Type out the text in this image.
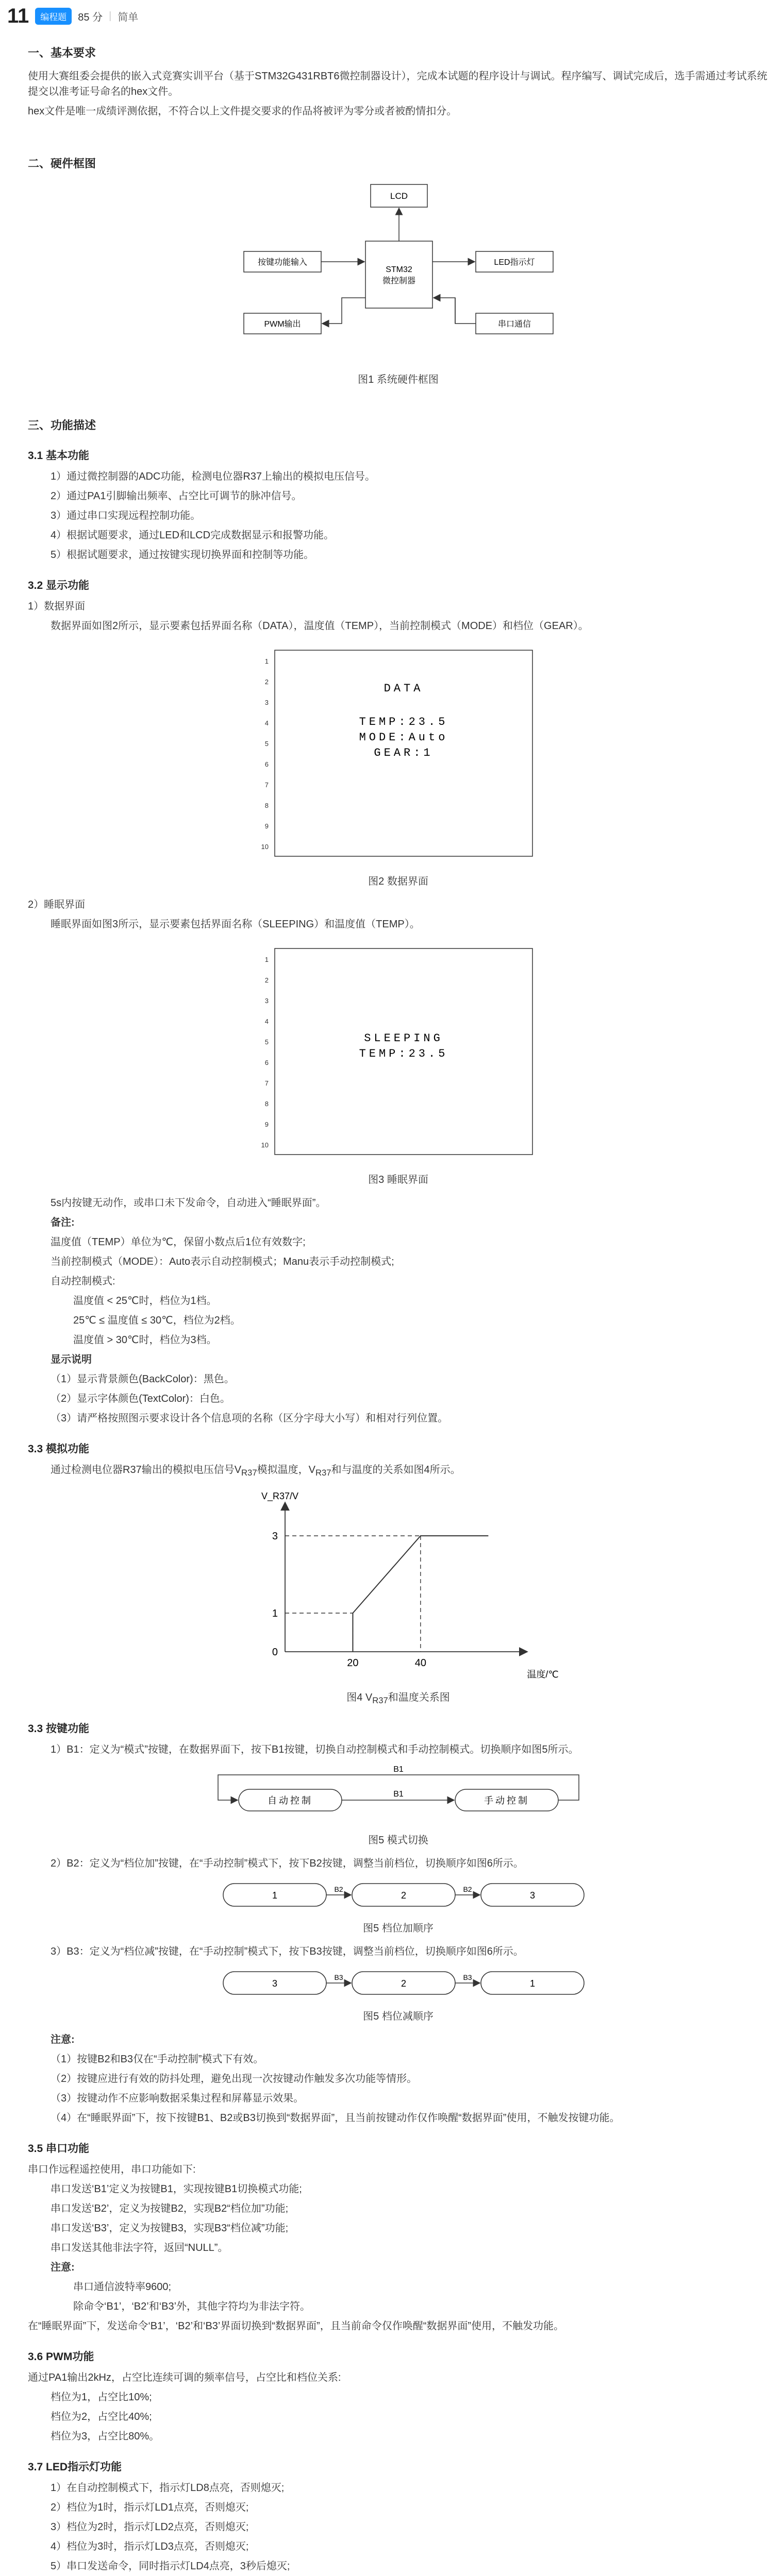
11	编程题	85 分 | 简单
一、基本要求

使用大赛组委会提供的嵌入式竞赛实训平台（基于STM32G431RBT6微控制器设计），完成本试题的程序设计与调试。程序编写、调试完成后，选手需通过考试系统提交以准考证号命名的hex文件。

hex文件是唯一成绩评测依据，不符合以上文件提交要求的作品将被评为零分或者被酌情扣分。

二、硬件框图
LCD
STM32
微控制器
按键功能输入
PWM输出
LED指示灯
串口通信
图1 系统硬件框图
三、功能描述
3.1 基本功能

1）通过微控制器的ADC功能，检测电位器R37上输出的模拟电压信号。

2）通过PA1引脚输出频率、占空比可调节的脉冲信号。

3）通过串口实现远程控制功能。

4）根据试题要求，通过LED和LCD完成数据显示和报警功能。

5）根据试题要求，通过按键实现切换界面和控制等功能。

3.2 显示功能

1）数据界面

数据界面如图2所示，显示要素包括界面名称（DATA），温度值（TEMP），当前控制模式（MODE）和档位（GEAR）。

1
2
3
4
5
6
7
8
9
10
DATA
TEMP:23.5
MODE:Auto
GEAR:1
图2 数据界面

2）睡眠界面

睡眠界面如图3所示，显示要素包括界面名称（SLEEPING）和温度值（TEMP）。

1
2
3
4
5
6
7
8
9
10
SLEEPING
TEMP:23.5
图3 睡眠界面

5s内按键无动作，或串口未下发命令，自动进入“睡眠界面”。

备注:

温度值（TEMP）单位为℃，保留小数点后1位有效数字;

当前控制模式（MODE）：Auto表示自动控制模式；Manu表示手动控制模式;

自动控制模式:

温度值 < 25℃时，档位为1档。

25℃ ≤ 温度值 ≤ 30℃，档位为2档。

温度值 > 30℃时，档位为3档。

显示说明

（1）显示背景颜色(BackColor)：黑色。

（2）显示字体颜色(TextColor)：白色。

（3）请严格按照图示要求设计各个信息项的名称（区分字母大小写）和相对行列位置。

3.3 模拟功能

通过检测电位器R37输出的模拟电压信号$V_{R37}$模拟温度，$V_{R37}$和与温度的关系如图4所示。

V_R37/V
温度/℃
0
1
3
20	40
图4 $V_{R37}$和温度关系图
3.3 按键功能

1）B1：定义为“模式”按键，在数据界面下，按下B1按键，切换自动控制模式和手动控制模式。切换顺序如图5所示。

自动控制	手动控制
B1
B1
图5 模式切换

2）B2：定义为“档位加”按键，在“手动控制”模式下，按下B2按键，调整当前档位，切换顺序如图6所示。

1	2	3
B2	B2
图5 档位加顺序

3）B3：定义为“档位减”按键，在“手动控制”模式下，按下B3按键，调整当前档位，切换顺序如图6所示。

3	2	1
B3	B3
图5 档位减顺序

注意:

（1）按键B2和B3仅在“手动控制”模式下有效。

（2）按键应进行有效的防抖处理，避免出现一次按键动作触发多次功能等情形。

（3）按键动作不应影响数据采集过程和屏幕显示效果。

（4）在“睡眠界面”下，按下按键B1、B2或B3切换到“数据界面”，且当前按键动作仅作唤醒“数据界面”使用，不触发按键功能。

3.5 串口功能

串口作远程遥控使用，串口功能如下:

串口发送‘B1’定义为按键B1，实现按键B1切换模式功能;

串口发送‘B2’，定义为按键B2，实现B2“档位加”功能;

串口发送‘B3’，定义为按键B3，实现B3“档位减”功能;

串口发送其他非法字符，返回“NULL”。

注意:

串口通信波特率9600;

除命令‘B1’，‘B2’和‘B3’外，其他字符均为非法字符。

在“睡眠界面”下，发送命令‘B1’，‘B2’和‘B3’界面切换到“数据界面”，且当前命令仅作唤醒“数据界面”使用，不触发功能。

3.6 PWM功能

通过PA1输出2kHz，占空比连续可调的频率信号，占空比和档位关系:

档位为1，占空比10%;

档位为2，占空比40%;

档位为3，占空比80%。

3.7 LED指示灯功能

1）在自动控制模式下，指示灯LD8点亮，否则熄灭;

2）档位为1时，指示灯LD1点亮，否则熄灭;

3）档位为2时，指示灯LD2点亮，否则熄灭;

4）档位为3时，指示灯LD3点亮，否则熄灭;

5）串口发送命令，同时指示灯LD4点亮，3秒后熄灭;
